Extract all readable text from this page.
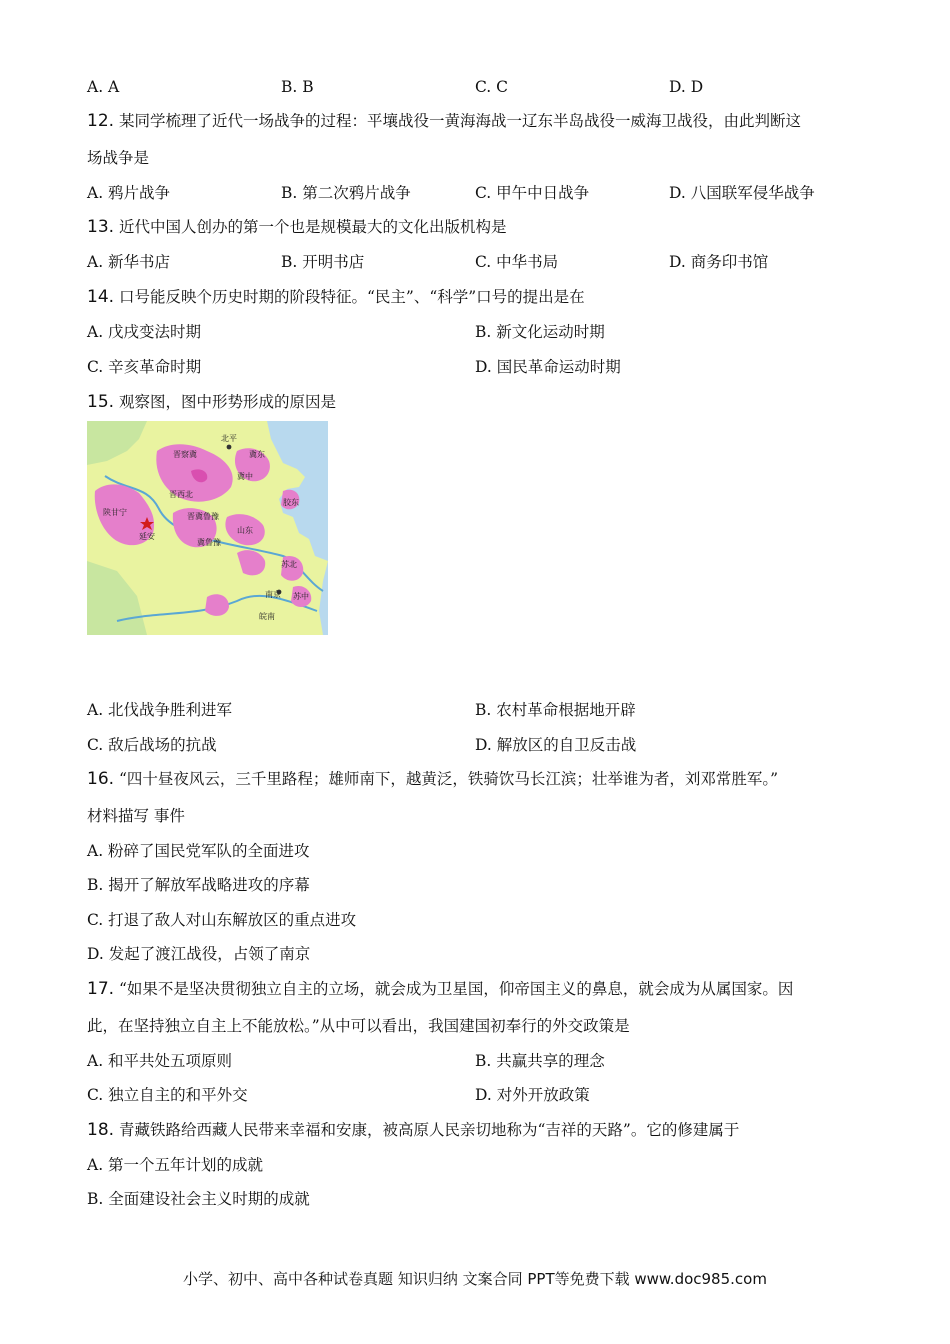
A. A	B. B	C. C	D. D
12. 某同学梳理了近代一场战争的过程：平壤战役一黄海海战一辽东半岛战役一威海卫战役，由此判断这
场战争是
A. 鸦片战争	B. 第二次鸦片战争	C. 甲午中日战争	D. 八国联军侵华战争
13. 近代中国人创办的第一个也是规模最大的文化出版机构是
A. 新华书店	B. 开明书店	C. 中华书局	D. 商务印书馆
14. 口号能反映个历史时期的阶段特征。“民主”、“科学”口号的提出是在
A. 戊戌变法时期	B. 新文化运动时期
C. 辛亥革命时期	D. 国民革命运动时期
15. 观察图，图中形势形成的原因是
晋察冀
北平
冀东
晋西北
陕甘宁
延安
冀中
冀鲁豫
胶东
山东
苏北
南京 苏中
皖南
晋冀鲁豫
A. 北伐战争胜利进军	B. 农村革命根据地开辟
C. 敌后战场的抗战	D. 解放区的自卫反击战
16. “四十昼夜风云，三千里路程；雄师南下，越黄泛，铁骑饮马长江滨；壮举谁为者，刘邓常胜军。”
材料描写 事件
A. 粉碎了国民党军队的全面进攻
B. 揭开了解放军战略进攻的序幕
C. 打退了敌人对山东解放区的重点进攻
D. 发起了渡江战役，占领了南京
17. “如果不是坚决贯彻独立自主的立场，就会成为卫星国，仰帝国主义的鼻息，就会成为从属国家。因
此，在坚持独立自主上不能放松。”从中可以看出，我国建国初奉行的外交政策是
A. 和平共处五项原则	B. 共赢共享的理念
C. 独立自主的和平外交	D. 对外开放政策
18. 青藏铁路给西藏人民带来幸福和安康，被高原人民亲切地称为“吉祥的天路”。它的修建属于
A. 第一个五年计划的成就
B. 全面建设社会主义时期的成就
小学、初中、高中各种试卷真题 知识归纳 文案合同 PPT等免费下载 www.doc985.com
